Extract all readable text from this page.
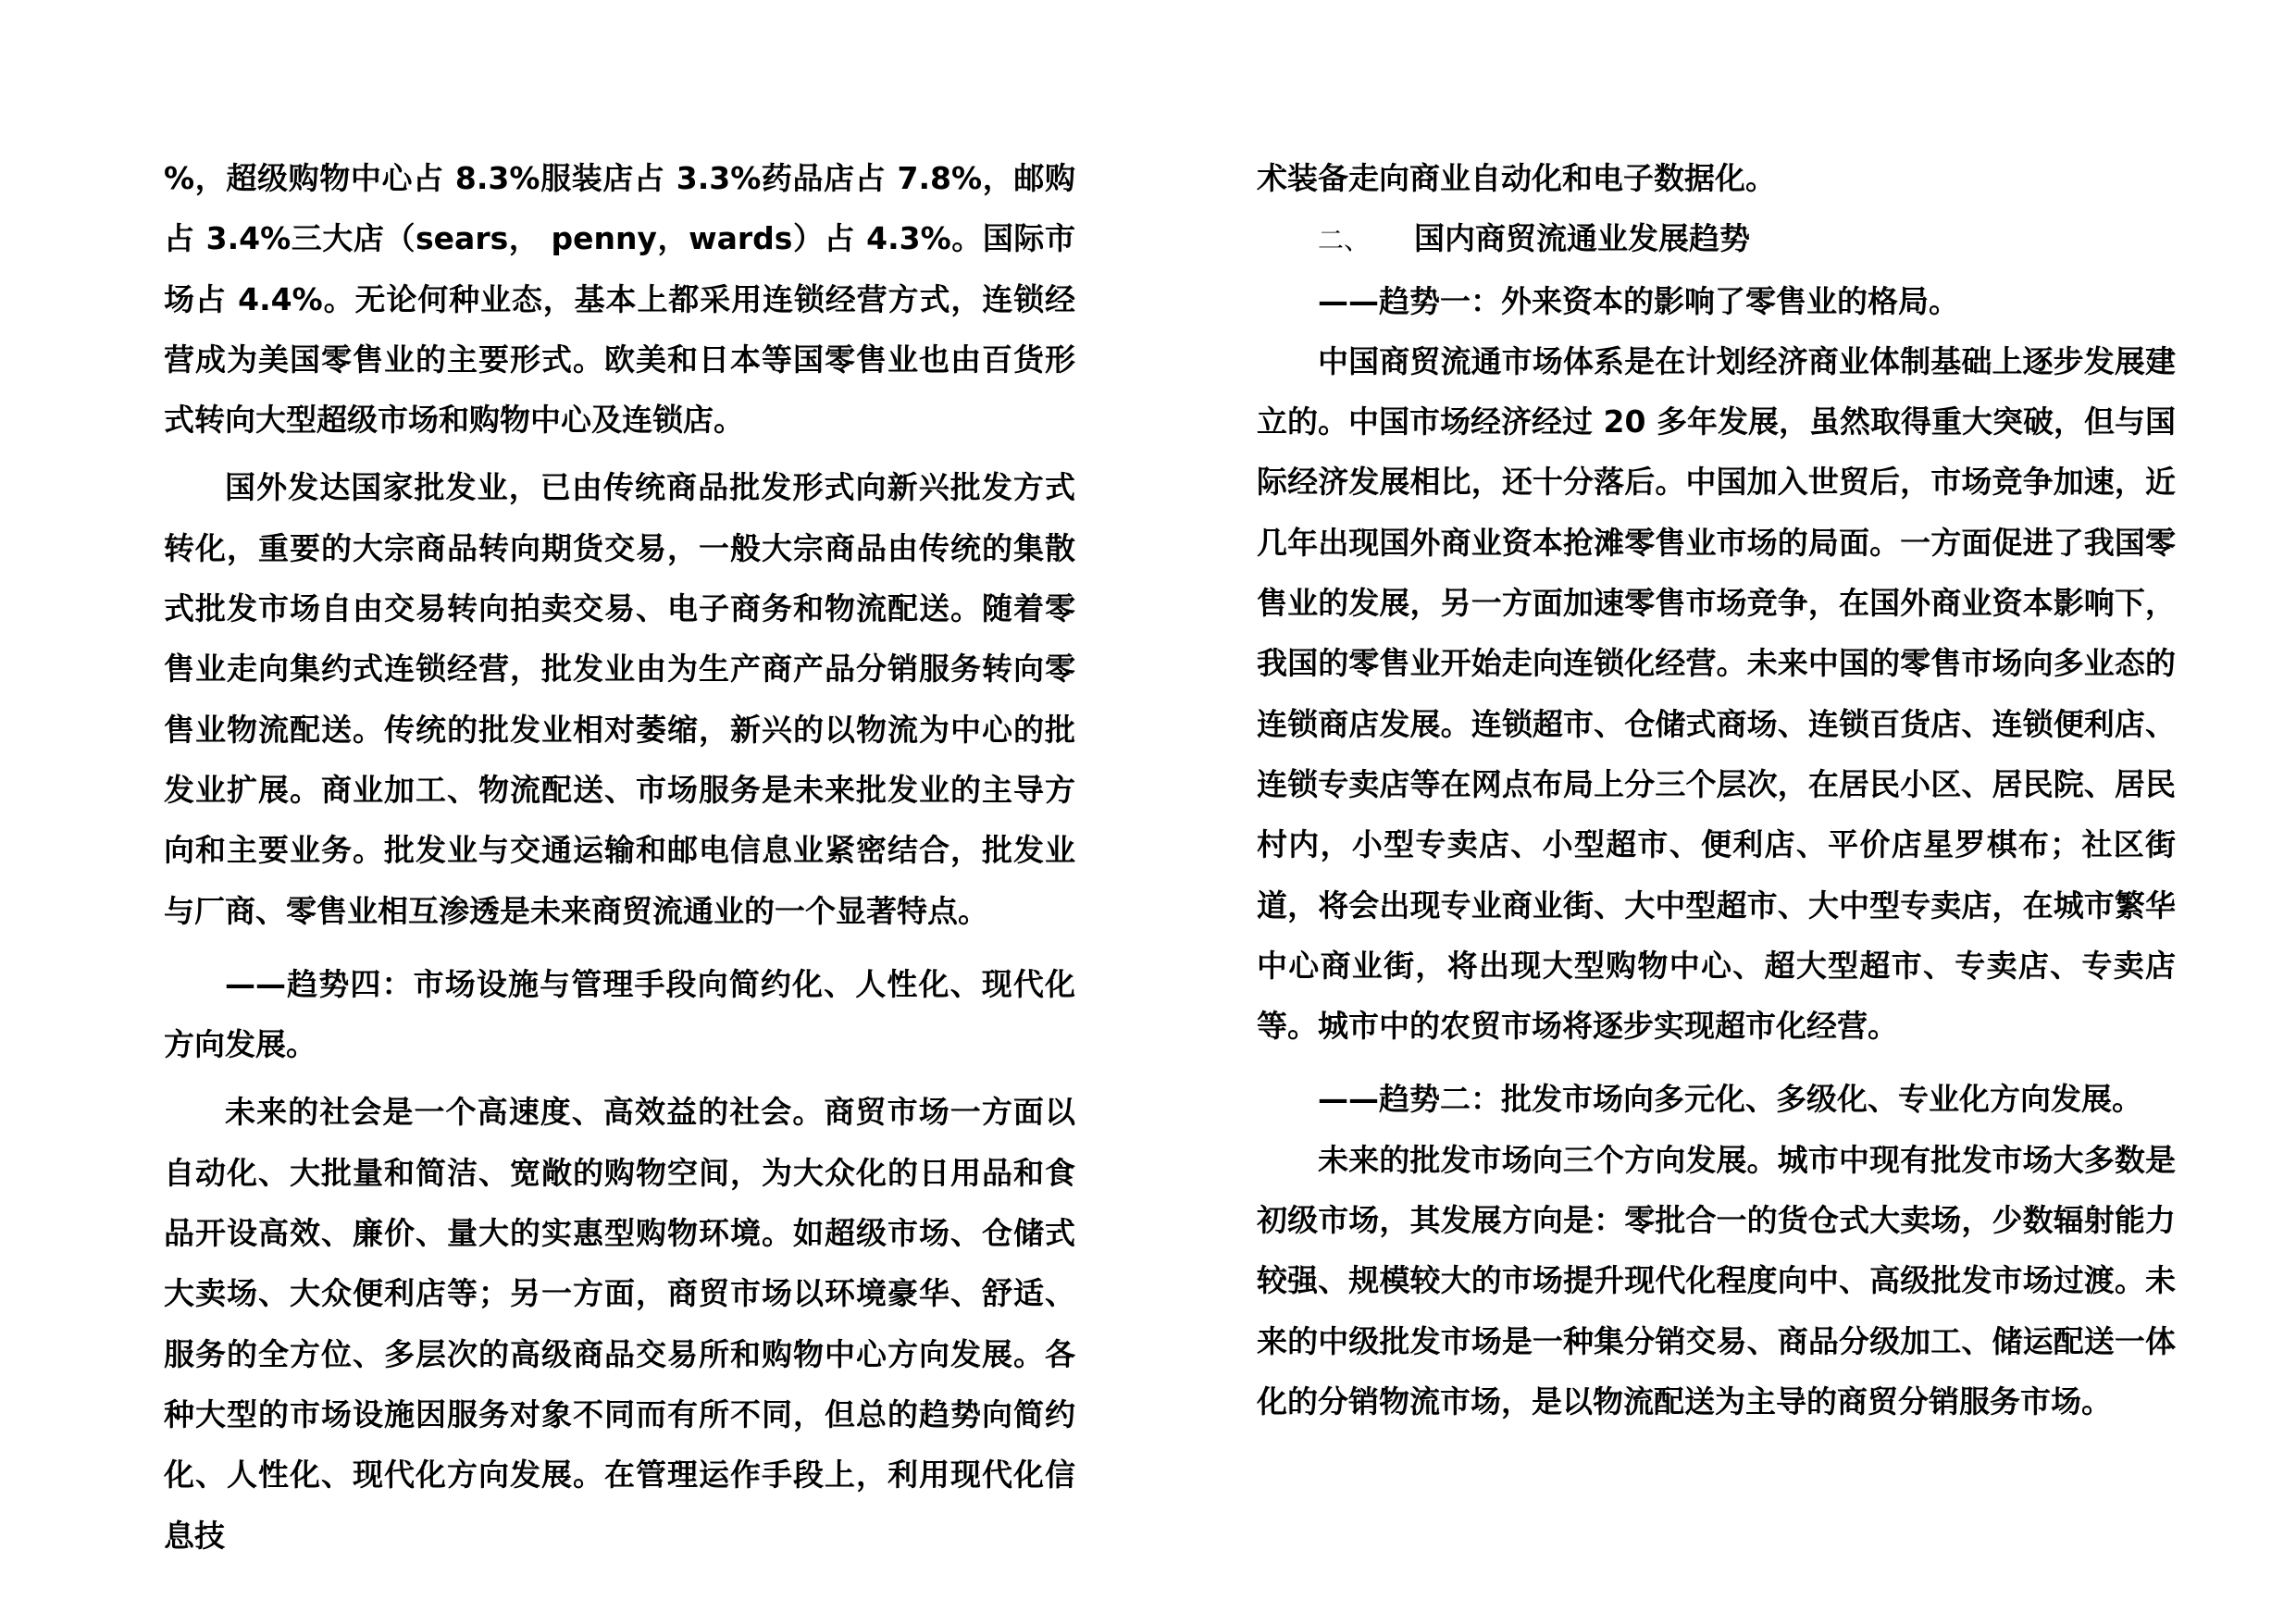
%，超级购物中心占 8.3%服装店占 3.3%药品店占 7.8%，邮购占 3.4%三大店（sears， penny，wards）占 4.3%。国际市场占 4.4%。无论何种业态，基本上都采用连锁经营方式，连锁经营成为美国零售业的主要形式。欧美和日本等国零售业也由百货形式转向大型超级市场和购物中心及连锁店。

国外发达国家批发业，已由传统商品批发形式向新兴批发方式转化，重要的大宗商品转向期货交易，一般大宗商品由传统的集散式批发市场自由交易转向拍卖交易、电子商务和物流配送。随着零售业走向集约式连锁经营，批发业由为生产商产品分销服务转向零售业物流配送。传统的批发业相对萎缩，新兴的以物流为中心的批发业扩展。商业加工、物流配送、市场服务是未来批发业的主导方向和主要业务。批发业与交通运输和邮电信息业紧密结合，批发业与厂商、零售业相互渗透是未来商贸流通业的一个显著特点。

——趋势四：市场设施与管理手段向简约化、人性化、现代化方向发展。

未来的社会是一个高速度、高效益的社会。商贸市场一方面以自动化、大批量和简洁、宽敞的购物空间，为大众化的日用品和食品开设高效、廉价、量大的实惠型购物环境。如超级市场、仓储式大卖场、大众便利店等；另一方面，商贸市场以环境豪华、舒适、服务的全方位、多层次的高级商品交易所和购物中心方向发展。各种大型的市场设施因服务对象不同而有所不同，但总的趋势向简约化、人性化、现代化方向发展。在管理运作手段上，利用现代化信息技

术装备走向商业自动化和电子数据化。

二、 国内商贸流通业发展趋势

——趋势一：外来资本的影响了零售业的格局。

中国商贸流通市场体系是在计划经济商业体制基础上逐步发展建立的。中国市场经济经过 20 多年发展，虽然取得重大突破，但与国际经济发展相比，还十分落后。中国加入世贸后，市场竞争加速，近几年出现国外商业资本抢滩零售业市场的局面。一方面促进了我国零售业的发展，另一方面加速零售市场竞争，在国外商业资本影响下，我国的零售业开始走向连锁化经营。未来中国的零售市场向多业态的连锁商店发展。连锁超市、仓储式商场、连锁百货店、连锁便利店、连锁专卖店等在网点布局上分三个层次，在居民小区、居民院、居民村内，小型专卖店、小型超市、便利店、平价店星罗棋布；社区街道，将会出现专业商业街、大中型超市、大中型专卖店，在城市繁华中心商业街，将出现大型购物中心、超大型超市、专卖店、专卖店等。城市中的农贸市场将逐步实现超市化经营。

——趋势二：批发市场向多元化、多级化、专业化方向发展。

未来的批发市场向三个方向发展。城市中现有批发市场大多数是初级市场，其发展方向是：零批合一的货仓式大卖场，少数辐射能力较强、规模较大的市场提升现代化程度向中、高级批发市场过渡。未来的中级批发市场是一种集分销交易、商品分级加工、储运配送一体化的分销物流市场，是以物流配送为主导的商贸分销服务市场。
